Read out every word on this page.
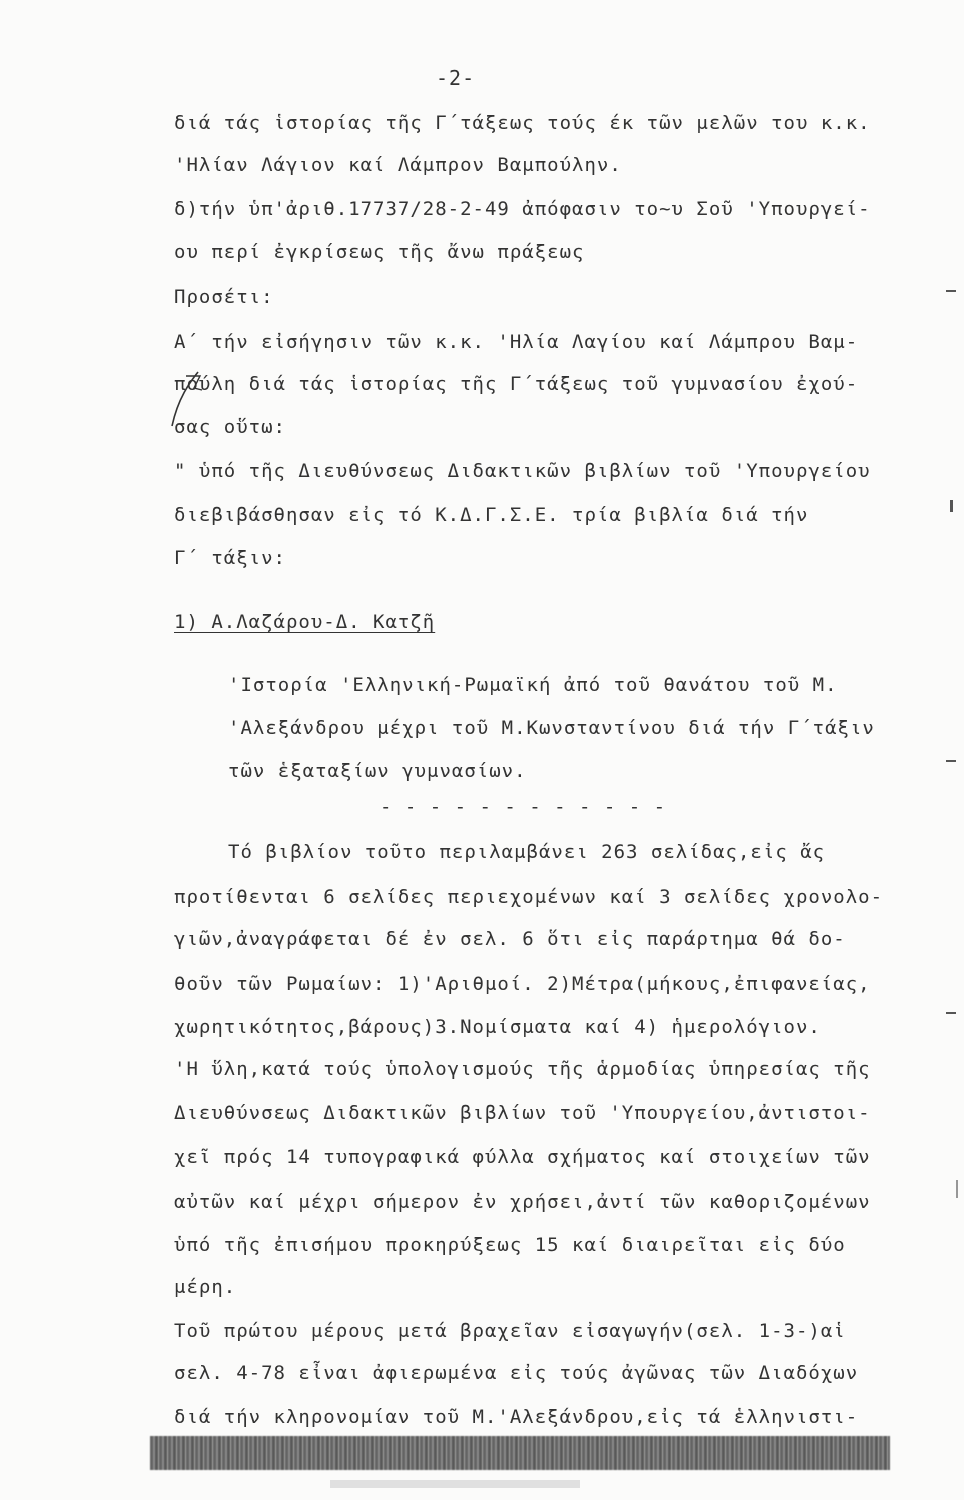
-2-
διά τάς ἱστορίας τῆς Γ΄τάξεως τούς έκ τῶν μελῶν του κ.κ.
'Ηλίαν Λάγιον καί Λάμπρον Βαμπούλην.
δ)τήν ὑπ'ἀριθ.17737/28-2-49 ἀπόφασιν το~υ Σοῦ 'Υπουργεί-
ου περί ἐγκρίσεως τῆς ἄνω πράξεως
Προσέτι:
Α΄ τήν εἰσήγησιν τῶν κ.κ. 'Ηλία Λαγίου καί Λάμπρου Βαμ-
πούλη διά τάς ἱστορίας τῆς Γ΄τάξεως τοῦ γυμνασίου ἐχού-
σας οὕτω:
" ὑπό τῆς Διευθύνσεως Διδακτικῶν βιβλίων τοῦ 'Υπουργείου
διεβιβάσθησαν εἰς τό Κ.Δ.Γ.Σ.Ε. τρία βιβλία διά τήν
Γ΄ τάξιν:
1) Α.Λαζάρου-Δ. Κατζῆ
'Ιστορία 'Ελληνική-Ρωμαϊκή ἀπό τοῦ θανάτου τοῦ Μ.
'Αλεξάνδρου μέχρι τοῦ Μ.Κωνσταντίνου διά τήν Γ΄τάξιν
τῶν ἑξαταξίων γυμνασίων.
- - - - - - - - - - - -
Τό βιβλίον τοῦτο περιλαμβάνει 263 σελίδας,εἰς ἄς
προτίθενται 6 σελίδες περιεχομένων καί 3 σελίδες χρονολο-
γιῶν,ἀναγράφεται δέ ἐν σελ. 6 ὅτι εἰς παράρτημα θά δο-
θοῦν τῶν Ρωμαίων: 1)'Αριθμοί. 2)Μέτρα(μήκους,ἐπιφανείας,
χωρητικότητος,βάρους)3.Νομίσματα καί 4) ἡμερολόγιον.
'Η ὕλη,κατά τούς ὑπολογισμούς τῆς ἁρμοδίας ὑπηρεσίας τῆς
Διευθύνσεως Διδακτικῶν βιβλίων τοῦ 'Υπουργείου,ἀντιστοι-
χεῖ πρός 14 τυπογραφικά φύλλα σχήματος καί στοιχείων τῶν
αὐτῶν καί μέχρι σήμερον ἐν χρήσει,ἀντί τῶν καθοριζομένων
ὑπό τῆς ἐπισήμου προκηρύξεως 15 καί διαιρεῖται εἰς δύο
μέρη.
Τοῦ πρώτου μέρους μετά βραχεῖαν εἰσαγωγήν(σελ. 1-3-)αἱ
σελ. 4-78 εἶναι ἀφιερωμένα εἰς τούς ἀγῶνας τῶν Διαδόχων
διά τήν κληρονομίαν τοῦ Μ.'Αλεξάνδρου,εἰς τά ἑλληνιστι-
